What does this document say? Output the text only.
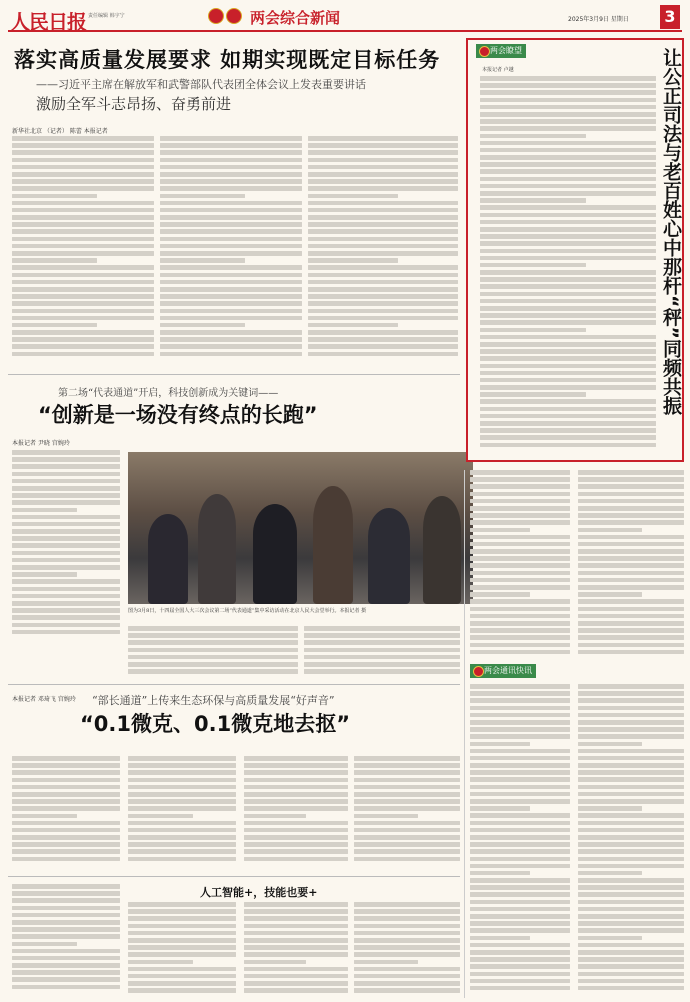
人民日报 责任编辑 韩宇宁	两会综合新闻	2025年3月9日 星期日 3
落实高质量发展要求 如期实现既定目标任务
——习近平主席在解放军和武警部队代表团全体会议上发表重要讲话
激励全军斗志昂扬、奋勇前进
新华社北京 （记者） 陈蕾 本报记者
第二场“代表通道”开启，科技创新成为关键词——
“创新是一场没有终点的长跑”
本报记者 尹晓 宫婉玲
图为3月8日，十四届全国人大三次会议第二场“代表通道”集中采访活动在北京人民大会堂举行。本报记者 摄
“部长通道”上传来生态环保与高质量发展“好声音”
“0.1微克、0.1微克地去抠”
本报记者 邓琦飞 宫婉玲
人工智能+，技能也要+
两会瞭望	让公正司法与老百姓心中那杆“秤”同频共振
本报记者 卢越
两会通讯快讯
